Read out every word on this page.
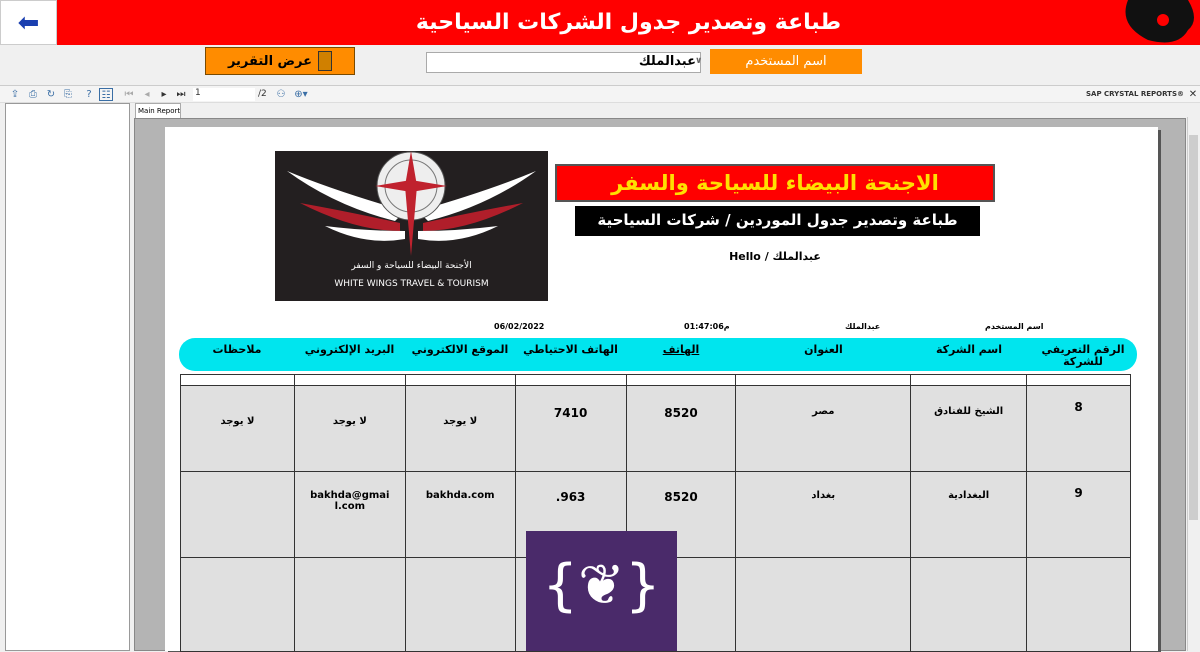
طباعة وتصدير جدول الشركات السياحية
⬅
عرض التقرير	عبدالملك ∨	اسم المستخدم
⇪ ⎙ ↻ ⎘	? ☷ ⏮	◂	▸ ⏭ 1	/2 ⚇ ⊕▾	SAP CRYSTAL REPORTS® ✕
Main Report
الأجنحة البيضاء للسياحة و السفر
WHITE WINGS TRAVEL & TOURISM
الاجنحة البيضاء للسياحة والسفر
طباعة وتصدير جدول الموردين / شركات السياحية
عبدالملك / Hello
06/02/2022	01:47:06م	عبدالملك	اسم المستخدم
ملاحظات	البريد الإلكتروني	الموقع الالكتروني	الهاتف الاحتياطي	الهاتف	العنوان	اسم الشركة	الرقم التعريفي للشركة

لا يوجد	لا يوجد	لا يوجد	7410	8520	مصر	الشيخ للفنادق	8
	bakhda@gmail.com	bakhda.com	963.	8520	بغداد	البغدادية	9

{❦}
